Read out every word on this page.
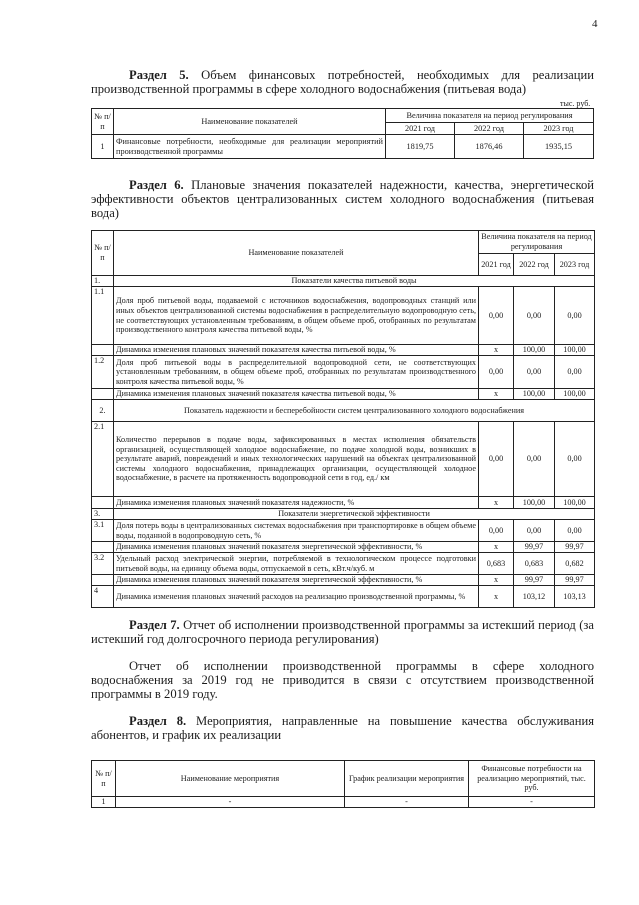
4
Раздел 5. Объем финансовых потребностей, необходимых для реализации производственной программы в сфере холодного водоснабжения (питьевая вода)
тыс. руб.
№ п/п	Наименование показателей	Величина показателя на период регулирования		
		2021 год	2022 год	2023 год
1	Финансовые потребности, необходимые для реализации мероприятий производственной программы	1819,75	1876,46	1935,15
Раздел 6. Плановые значения показателей надежности, качества, энергетической эффективности объектов централизованных систем холодного водоснабжения (питьевая вода)
№ п/п	Наименование показателей	Величина показателя на период регулирования		
		2021 год	2022 год	2023 год
1.	Показатели качества питьевой воды			
1.1	Доля проб питьевой воды, подаваемой с источников водоснабжения, водопроводных станций или иных объектов централизованной системы водоснабжения в распределительную водопроводную сеть, не соответствующих установленным требованиям, в общем объеме проб, отобранных по результатам производственного контроля качества питьевой воды, %	0,00	0,00	0,00
	Динамика изменения плановых значений показателя качества питьевой воды, %	x	100,00	100,00
1.2	Доля проб питьевой воды в распределительной водопроводной сети, не соответствующих установленным требованиям, в общем объеме проб, отобранных по результатам производственного контроля качества питьевой воды, %	0,00	0,00	0,00
	Динамика изменения плановых значений показателя качества питьевой воды, %	x	100,00	100,00
2.	Показатель надежности и бесперебойности систем централизованного холодного водоснабжения			
2.1	Количество перерывов в подаче воды, зафиксированных в местах исполнения обязательств организацией, осуществляющей холодное водоснабжение, по подаче холодной воды, возникших в результате аварий, повреждений и иных технологических нарушений на объектах централизованной системы холодного водоснабжения, принадлежащих организации, осуществляющей холодное водоснабжение, в расчете на протяженность водопроводной сети в год, ед./ км	0,00	0,00	0,00
	Динамика изменения плановых значений показателя надежности, %	x	100,00	100,00
3.	Показатели энергетической эффективности			
3.1	Доля потерь воды в централизованных системах водоснабжения при транспортировке в общем объеме воды, поданной в водопроводную сеть, %	0,00	0,00	0,00
	Динамика изменения плановых значений показателя энергетической эффективности, %	x	99,97	99,97
3.2	Удельный расход электрической энергии, потребляемой в технологическом процессе подготовки питьевой воды, на единицу объема воды, отпускаемой в сеть, кВт.ч/куб. м	0,683	0,683	0,682
	Динамика изменения плановых значений показателя энергетической эффективности, %	x	99,97	99,97
4	Динамика изменения плановых значений расходов на реализацию производственной программы, %	x	103,12	103,13
Раздел 7. Отчет об исполнении производственной программы за истекший период (за истекший год долгосрочного периода регулирования)
Отчет об исполнении производственной программы в сфере холодного водоснабжения за 2019 год не приводится в связи с отсутствием производственной программы в 2019 году.
Раздел 8. Мероприятия, направленные на повышение качества обслуживания абонентов, и график их реализации
№ п/п	Наименование мероприятия	График реализации мероприятия	Финансовые потребности на реализацию мероприятий, тыс. руб.
1	-	-	-
